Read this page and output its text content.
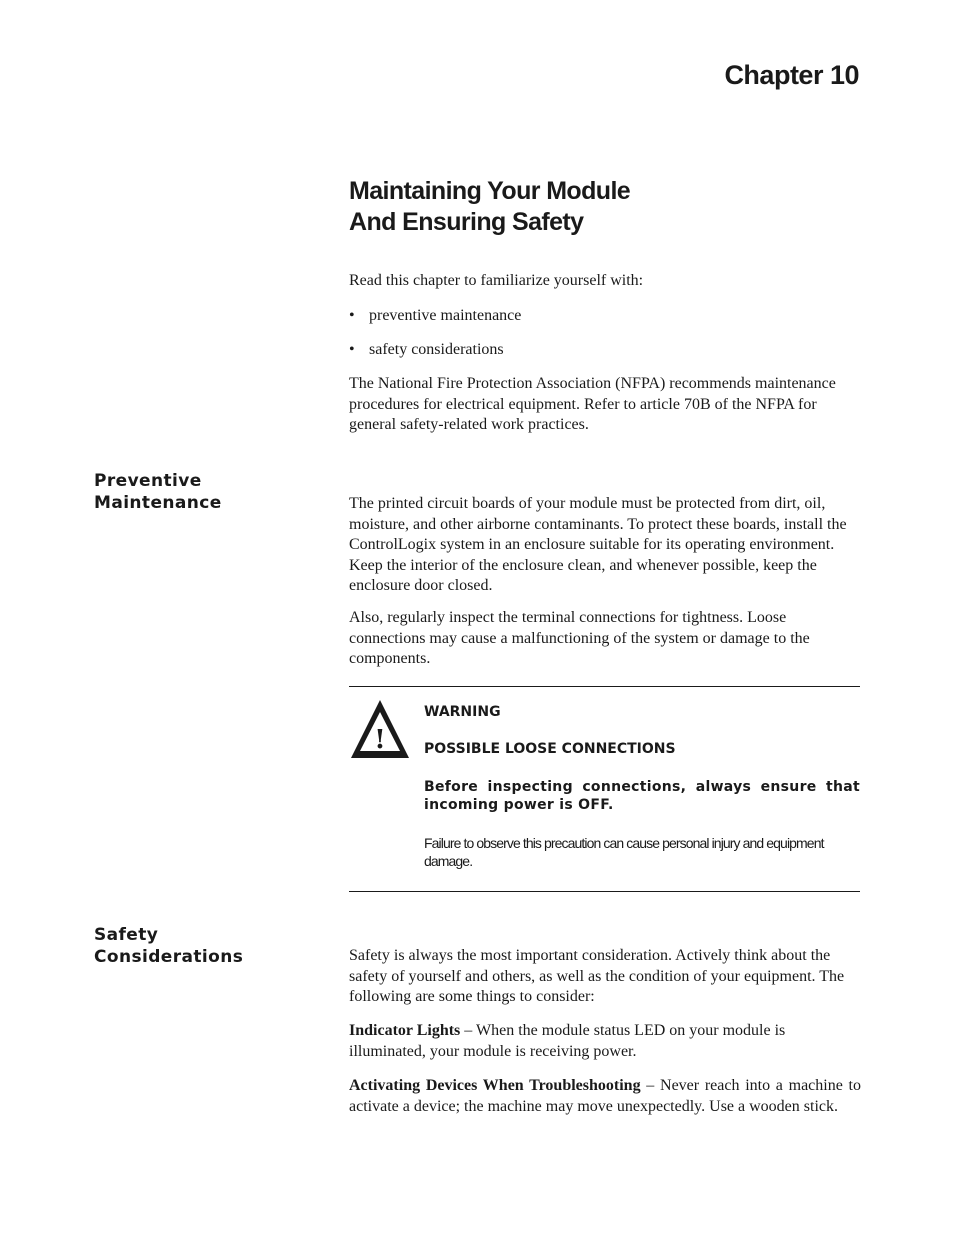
Chapter 10
Maintaining Your Module
And Ensuring Safety

Read this chapter to familiarize yourself with:

• preventive maintenance
• safety considerations

The National Fire Protection Association (NFPA) recommends maintenance procedures for electrical equipment. Refer to article 70B of the NFPA for general safety-related work practices.

Preventive
Maintenance	The printed circuit boards of your module must be protected from dirt, oil, moisture, and other airborne contaminants. To protect these boards, install the ControlLogix system in an enclosure suitable for its operating environment. Keep the interior of the enclosure clean, and whenever possible, keep the enclosure door closed.

Also, regularly inspect the terminal connections for tightness. Loose connections may cause a malfunctioning of the system or damage to the components.

!
WARNING
POSSIBLE LOOSE CONNECTIONS
Before inspecting connections, always ensure that incoming power is OFF.
Failure to observe this precaution can cause personal injury and equipment damage.
Safety
Considerations	Safety is always the most important consideration. Actively think about the safety of yourself and others, as well as the condition of your equipment. The following are some things to consider:

Indicator Lights – When the module status LED on your module is illuminated, your module is receiving power.

Activating Devices When Troubleshooting – Never reach into a machine to activate a device; the machine may move unexpectedly. Use a wooden stick.
